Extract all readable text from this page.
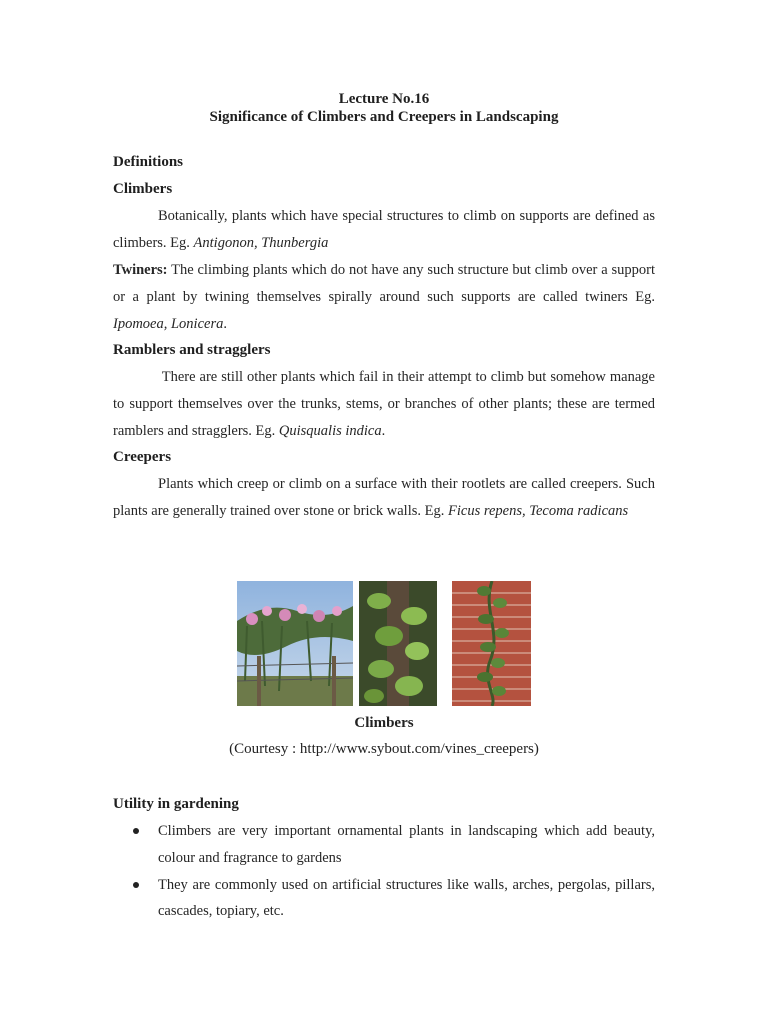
Lecture No.16
Significance of Climbers and Creepers in Landscaping
Definitions
Climbers
Botanically, plants which have special structures to climb on supports are defined as climbers. Eg. Antigonon, Thunbergia
Twiners: The climbing plants which do not have any such structure but climb over a support or a plant by twining themselves spirally around such supports are called twiners Eg. Ipomoea, Lonicera.
Ramblers and stragglers
There are still other plants which fail in their attempt to climb but somehow manage to support themselves over the trunks, stems, or branches of other plants; these are termed ramblers and stragglers. Eg. Quisqualis indica.
Creepers
Plants which creep or climb on a surface with their rootlets are called creepers. Such plants are generally trained over stone or brick walls. Eg. Ficus repens, Tecoma radicans
Climbers
(Courtesy : http://www.sybout.com/vines_creepers)
Utility in gardening
Climbers are very important ornamental plants in landscaping which add beauty, colour and fragrance to gardens
They are commonly used on artificial structures like walls, arches, pergolas, pillars, cascades, topiary, etc.
